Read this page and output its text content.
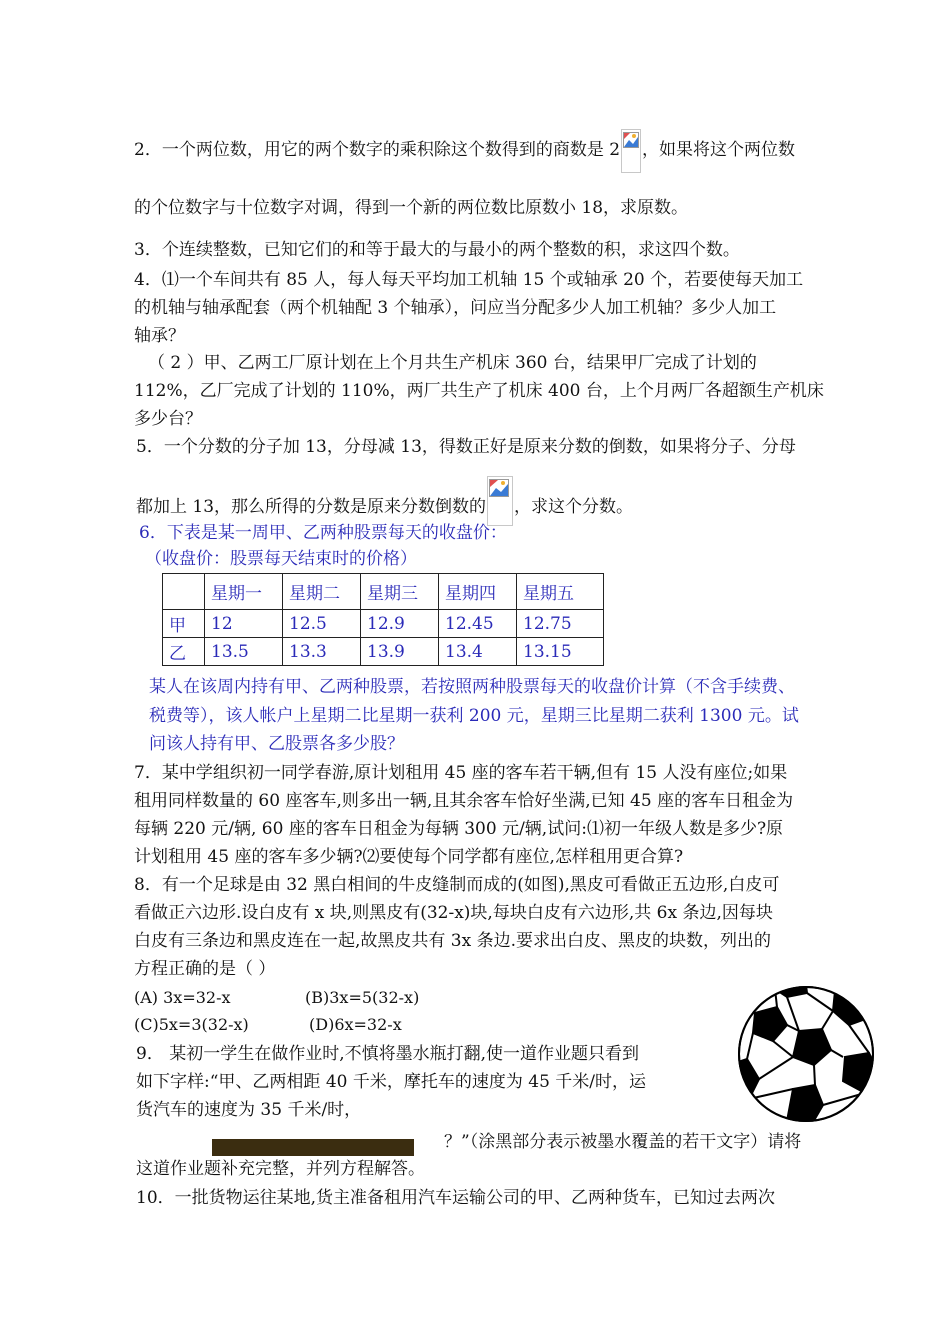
2．一个两位数，用它的两个数字的乘积除这个数得到的商数是 2 ，如果将这个两位数
的个位数字与十位数字对调，得到一个新的两位数比原数小 18，求原数。
3．个连续整数，已知它们的和等于最大的与最小的两个整数的积，求这四个数。
4．⑴一个车间共有 85 人，每人每天平均加工机轴 15 个或轴承 20 个，若要使每天加工
的机轴与轴承配套（两个机轴配 3 个轴承），问应当分配多少人加工机轴？多少人加工
轴承？
（ 2 ）甲、乙两工厂原计划在上个月共生产机床 360 台，结果甲厂完成了计划的
112%，乙厂完成了计划的 110%，两厂共生产了机床 400 台，上个月两厂各超额生产机床
多少台？
5．一个分数的分子加 13，分母减 13，得数正好是原来分数的倒数，如果将分子、分母
都加上 13，那么所得的分数是原来分数倒数的 ，求这个分数。
6．下表是某一周甲、乙两种股票每天的收盘价：
（收盘价：股票每天结束时的价格）
	星期一	星期二	星期三	星期四	星期五
甲	12	12.5	12.9	12.45	12.75
乙	13.5	13.3	13.9	13.4	13.15
某人在该周内持有甲、乙两种股票，若按照两种股票每天的收盘价计算（不含手续费、
税费等），该人帐户上星期二比星期一获利 200 元，星期三比星期二获利 1300 元。试
问该人持有甲、乙股票各多少股？
7．某中学组织初一同学春游,原计划租用 45 座的客车若干辆,但有 15 人没有座位;如果
租用同样数量的 60 座客车,则多出一辆,且其余客车恰好坐满,已知 45 座的客车日租金为
每辆 220 元/辆, 60 座的客车日租金为每辆 300 元/辆,试问:⑴初一年级人数是多少?原
计划租用 45 座的客车多少辆?⑵要使每个同学都有座位,怎样租用更合算?
8．有一个足球是由 32 黑白相间的牛皮缝制而成的(如图),黑皮可看做正五边形,白皮可
看做正六边形.设白皮有 x 块,则黑皮有(32-x)块,每块白皮有六边形,共 6x 条边,因每块
白皮有三条边和黑皮连在一起,故黑皮共有 3x 条边.要求出白皮、黑皮的块数，列出的
方程正确的是（ ）
(A) 3x=32-x	(B)3x=5(32-x)
(C)5x=3(32-x)	(D)6x=32-x
9． 某初一学生在做作业时,不慎将墨水瓶打翻,使一道作业题只看到
如下字样:“甲、乙两相距 40 千米，摩托车的速度为 45 千米/时，运
货汽车的速度为 35 千米/时，
？”（涂黑部分表示被墨水覆盖的若干文字）请将
这道作业题补充完整，并列方程解答。
10．一批货物运往某地,货主准备租用汽车运输公司的甲、乙两种货车，已知过去两次
